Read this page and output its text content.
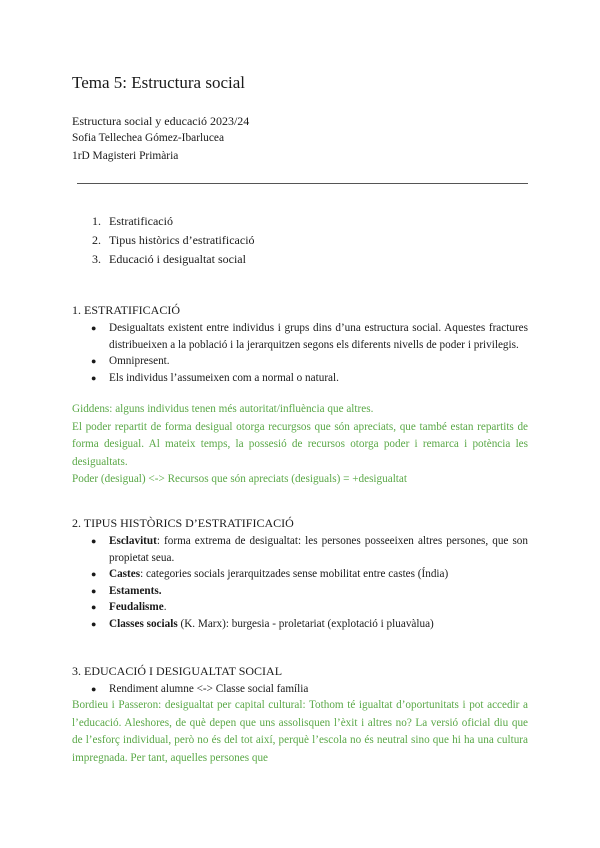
Tema 5: Estructura social
Estructura social y educació 2023/24
Sofia Tellechea Gómez-Ibarlucea
1rD Magisteri Primària
1. Estratificació
2. Tipus històrics d’estratificació
3. Educació i desigualtat social
1. ESTRATIFICACIÓ
● Desigualtats existent entre individus i grups dins d’una estructura social. Aquestes fractures distribueixen a la població i la jerarquitzen segons els diferents nivells de poder i privilegis.
● Omnipresent.
● Els individus l’assumeixen com a normal o natural.

Giddens: alguns individus tenen més autoritat/influència que altres.

El poder repartit de forma desigual otorga recurgsos que són apreciats, que també estan repartits de forma desigual. Al mateix temps, la possesió de recursos otorga poder i remarca i potència les desigualtats.

Poder (desigual) <-> Recursos que són apreciats (desiguals) = +desigualtat

2. TIPUS HISTÒRICS D’ESTRATIFICACIÓ
● Esclavitut: forma extrema de desigualtat: les persones posseeixen altres persones, que son propietat seua.
● Castes: categories socials jerarquitzades sense mobilitat entre castes (Índia)
● Estaments.
● Feudalisme.
● Classes socials (K. Marx): burgesia - proletariat (explotació i pluavàlua)
3. EDUCACIÓ I DESIGUALTAT SOCIAL
● Rendiment alumne <-> Classe social família

Bordieu i Passeron: desigualtat per capital cultural: Tothom té igualtat d’oportunitats i pot accedir a l’educació. Aleshores, de què depen que uns assolisquen l’èxit i altres no? La versió oficial diu que de l’esforç individual, però no és del tot així, perquè l’escola no és neutral sino que hi ha una cultura impregnada. Per tant, aquelles persones que
